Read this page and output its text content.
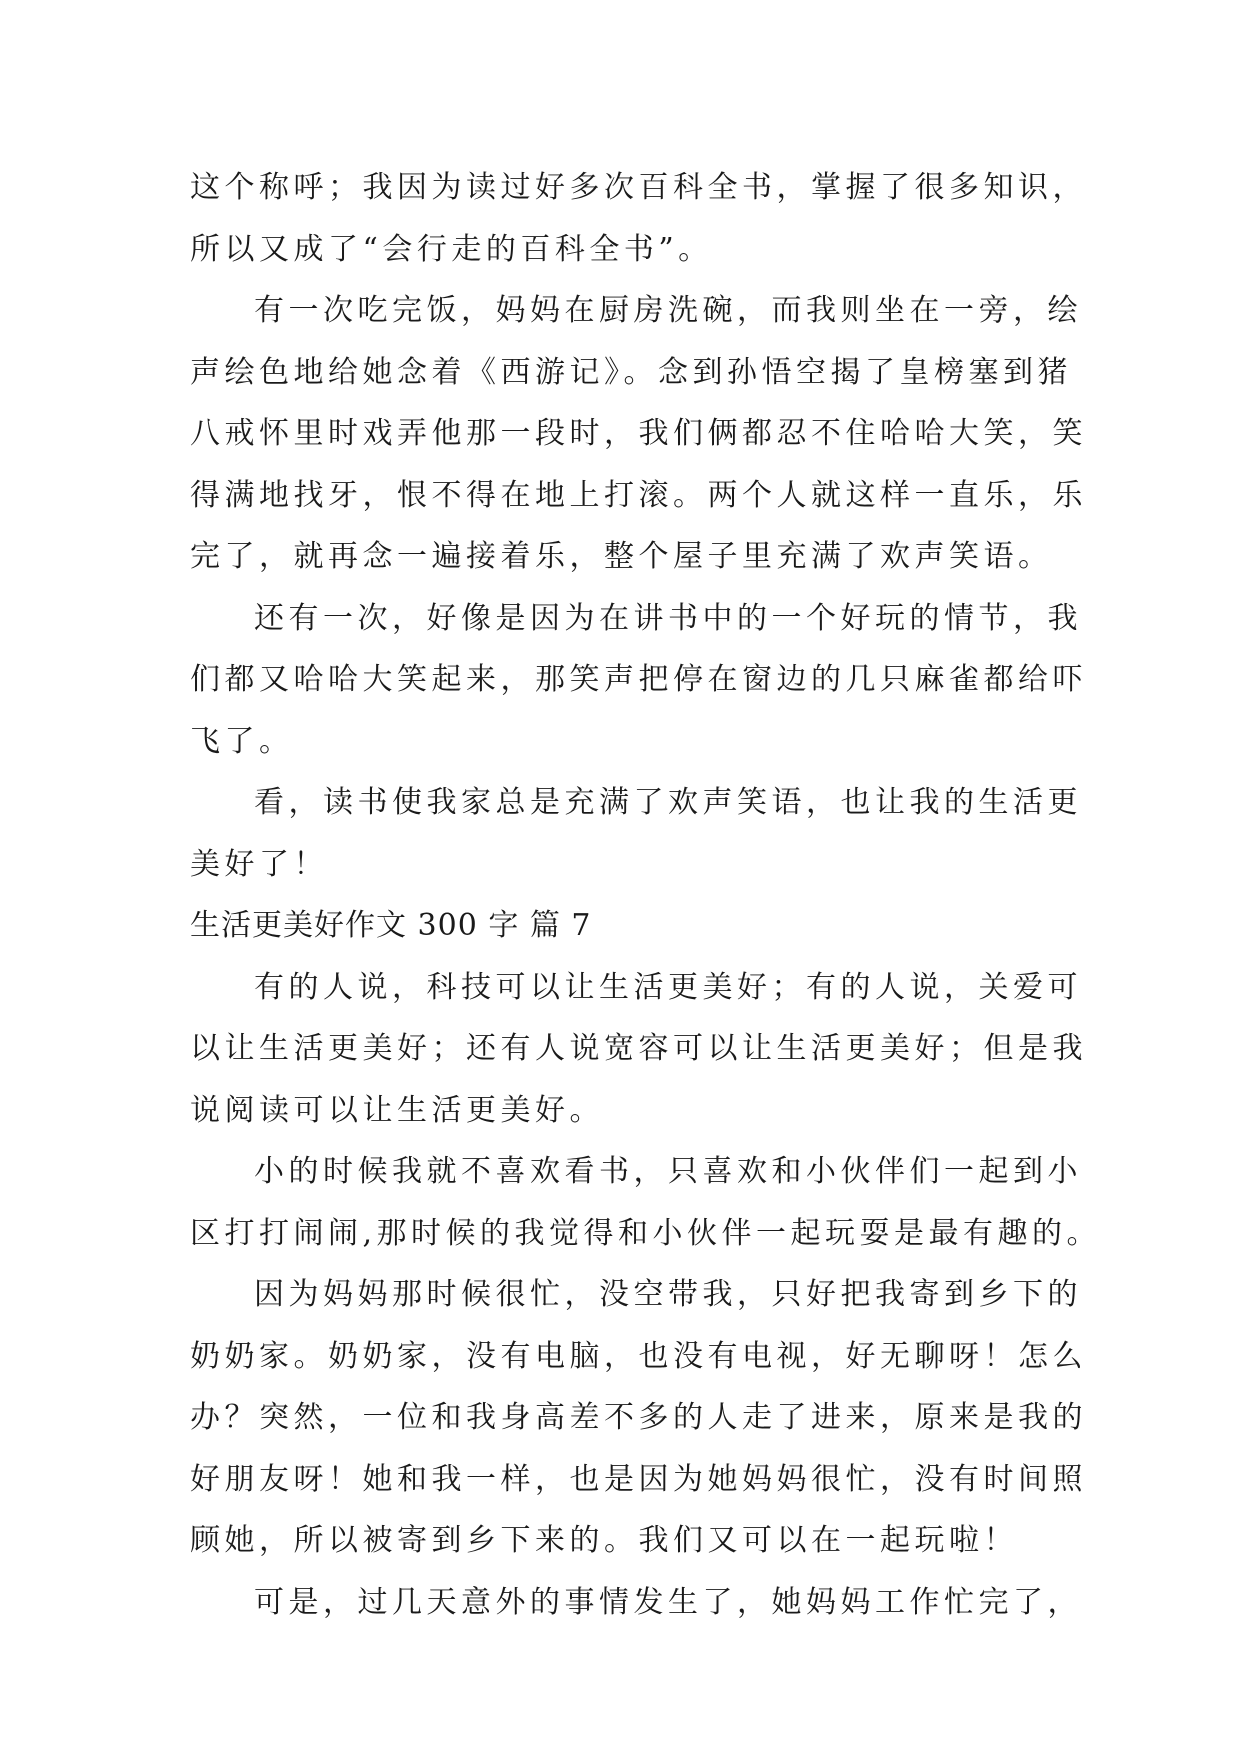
这个称呼；我因为读过好多次百科全书，掌握了很多知识，
所以又成了“会行走的百科全书”。
有一次吃完饭，妈妈在厨房洗碗，而我则坐在一旁，绘
声绘色地给她念着《西游记》。念到孙悟空揭了皇榜塞到猪
八戒怀里时戏弄他那一段时，我们俩都忍不住哈哈大笑，笑
得满地找牙，恨不得在地上打滚。两个人就这样一直乐，乐
完了，就再念一遍接着乐，整个屋子里充满了欢声笑语。
还有一次，好像是因为在讲书中的一个好玩的情节，我
们都又哈哈大笑起来，那笑声把停在窗边的几只麻雀都给吓
飞了。
看，读书使我家总是充满了欢声笑语，也让我的生活更
美好了！
生活更美好作文 300 字 篇 7
有的人说，科技可以让生活更美好；有的人说，关爱可
以让生活更美好；还有人说宽容可以让生活更美好；但是我
说阅读可以让生活更美好。
小的时候我就不喜欢看书，只喜欢和小伙伴们一起到小
区打打闹闹,那时候的我觉得和小伙伴一起玩耍是最有趣的。
因为妈妈那时候很忙，没空带我，只好把我寄到乡下的
奶奶家。奶奶家，没有电脑，也没有电视，好无聊呀！怎么
办？突然，一位和我身高差不多的人走了进来，原来是我的
好朋友呀！她和我一样，也是因为她妈妈很忙，没有时间照
顾她，所以被寄到乡下来的。我们又可以在一起玩啦！
可是，过几天意外的事情发生了，她妈妈工作忙完了，
